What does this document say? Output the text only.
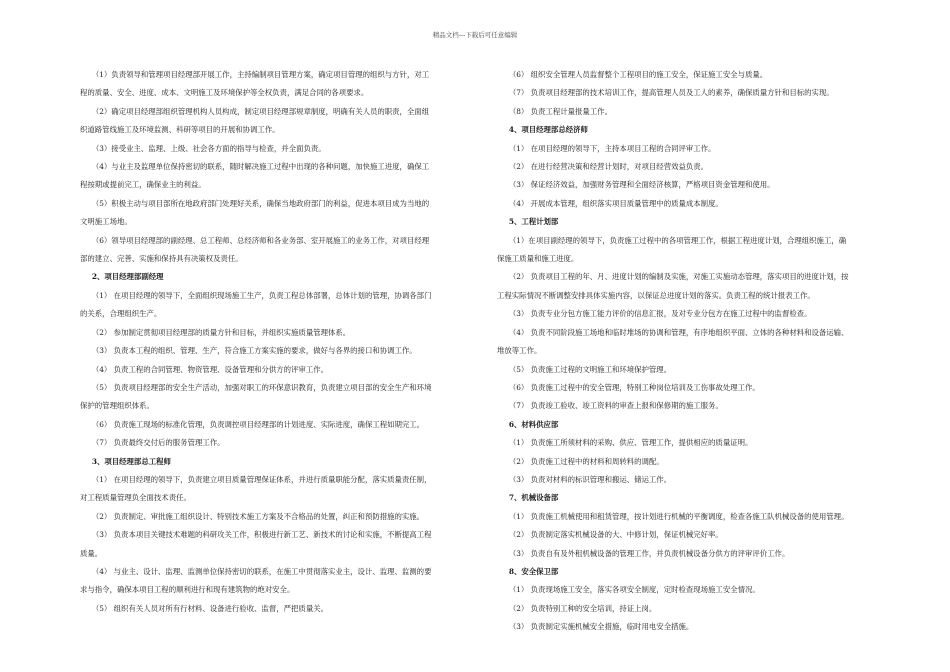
精品文档---下载后可任意编辑

（1）负责领导和管理项目经理部开展工作，主持编制项目管理方案，确定项目管理的组织与方针，对工

程的质量、安全、进度、成本、文明施工及环境保护等全权负责，满足合同的各项要求。

（2）确定项目经理部组织管理机构人员构成，制定项目经理部规章制度，明确有关人员的职责，全面组

织道路管线施工及环境监测、科研等项目的开展和协调工作。

（3）接受业主、监理、上级、社会各方面的指导与检查，并全面负责。

（4）与业主及监理单位保持密切的联系，随时解决施工过程中出现的各种问题，加快施工进度，确保工

程按期或提前完工，确保业主的利益。

（5）积极主动与项目部所在地政府部门处理好关系，确保当地政府部门的利益，促进本项目成为当地的

文明施工场地。

（6）领导项目经理部的副经理、总工程师、总经济师和各业务部、室开展施工的业务工作，对项目经理

部的建立、完善、实施和保持具有决策权及责任。

2、项目经理部副经理

（1） 在项目经理的领导下，全面组织现场施工生产，负责工程总体部署，总体计划的管理，协调各部门

的关系，合理组织生产。

（2） 参加制定贯彻项目经理部的质量方针和目标，并组织实施质量管理体系。

（3） 负责本工程的组织、管理、生产，符合施工方案实施的要求，做好与各界的接口和协调工作。

（4） 负责工程的合同管理、物资管理、设备管理和分供方的评审工作。

（5） 负责项目经理部的安全生产活动，加强对职工的环保意识教育，负责建立项目部的安全生产和环境

保护的管理组织体系。

（6） 负责施工现场的标准化管理，负责调控项目经理部的计划进度、实际进度，确保工程如期完工。

（7） 负责最终交付后的服务管理工作。

3、项目经理部总工程师

（1） 在项目经理的领导下，负责建立项目质量管理保证体系，并进行质量职能分配，落实质量责任制，

对工程质量管理负全面技术责任。

（2） 负责制定、审批施工组织设计、特别技术施工方案及不合格品的处置，纠正和预防措施的实施。

（3） 负责本项目关键技术难题的科研攻关工作，积极进行新工艺、新技术的讨论和实施，不断提高工程

质量。

（4） 与业主、设计、监理、监测单位保持密切的联系，在施工中贯彻落实业主，设计、监理、监测的要

求与指令，确保本项目工程的顺利进行和现有建筑物的绝对安全。

（5） 组织有关人员对所有行材料、设备进行验收、监督，严把质量关。

（6） 组织安全管理人员监督整个工程项目的施工安全，保证施工安全与质量。

（7） 负责项目经理部的技术培训工作，提高管理人员及工人的素养，确保质量方针和目标的实现。

（8） 负责工程计量报量工作。

4、项目经理部总经济师

（1） 在项目经理的领导下，主持本项目工程的合同评审工作。

（2） 在进行经营决策和经营计划时，对项目经营效益负责。

（3） 保证经济效益，加强财务管理和全面经济核算，严格项目资金管理和使用。

（4） 开展成本管理，组织落实项目质量管理中的质量成本制度。

5、工程计划部

（1）在项目副经理的领导下，负责施工过程中的各项管理工作，根据工程进度计划，合理组织施工，确

保施工质量和施工进度。

（2） 负责项目工程的年、月、进度计划的编制及实施，对施工实施动态管理，落实项目的进度计划，按

工程实际情况不断调整安排具体实施内容，以保证总进度计划的落实。负责工程的统计报表工作。

（3） 负责专业分包方施工能力评价的信息汇报，及对专业分包方在施工过程中的监督检查。

（4） 负责不同阶段施工场地和临时堆场的协调和管理，有序地组织平面、立体的各种材料和设备运输、

堆放等工作。

（5） 负责施工过程的文明施工和环境保护管理。

（6） 负责施工过程中的安全管理，特别工种岗位培训及工伤事故处理工作。

（7） 负责竣工验收、竣工资料的审查上报和保修期的施工服务。

6、材料供应部

（1） 负责施工所须材料的采购、供应、管理工作，提供相应的质量证明。

（2） 负责施工过程中的材料和周转料的调配。

（3） 负责对材料的标识管理和搬运、储运工作。

7、机械设备部

（1） 负责施工机械使用和租赁管理，按计划进行机械的平衡调度，检查各施工队机械设备的使用管理。

（2） 负责制定落实机械设备的大、中修计划，保证机械完好率。

（3） 负责自有及外租机械设备的管理工作，并负责机械设备分供方的评审评价工作。

8、安全保卫部

（1） 负责现场施工安全，落实各项安全制度，定时检查现场施工安全情况。

（2） 负责特别工种的安全培训，持证上岗。

（3） 负责制定实施机械安全措施，临时用电安全措施。
